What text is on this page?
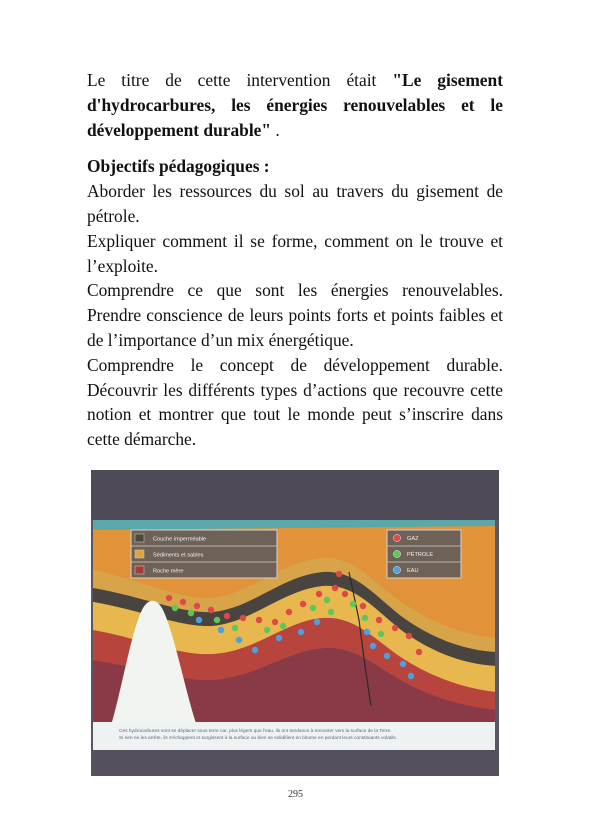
Le titre de cette intervention était "Le gisement d'hydrocarbures, les énergies renouvelables et le développement durable" .

Objectifs pédagogiques :

Aborder les ressources du sol au travers du gisement de pétrole.

Expliquer comment il se forme, comment on le trouve et l’exploite.

Comprendre ce que sont les énergies renouvelables. Prendre conscience de leurs points forts et points faibles et de l’importance d’un mix énergétique.

Comprendre le concept de développement durable. Découvrir les différents types d’actions que recouvre cette notion et montrer que tout le monde peut s’inscrire dans cette démarche.

Couche imperméable
Sédiments et sables
Roche mère
GAZ
PÉTROLE
EAU
Ces hydrocarbures vont se déplacer sous terre car, plus légers que l'eau, ils ont tendance à remonter vers la surface de la Terre.
Si rien ne les arrête, ils s'échappent et surgissent à la surface ou bien se solidifient en bitume en perdant leurs constituants volatils.
295
